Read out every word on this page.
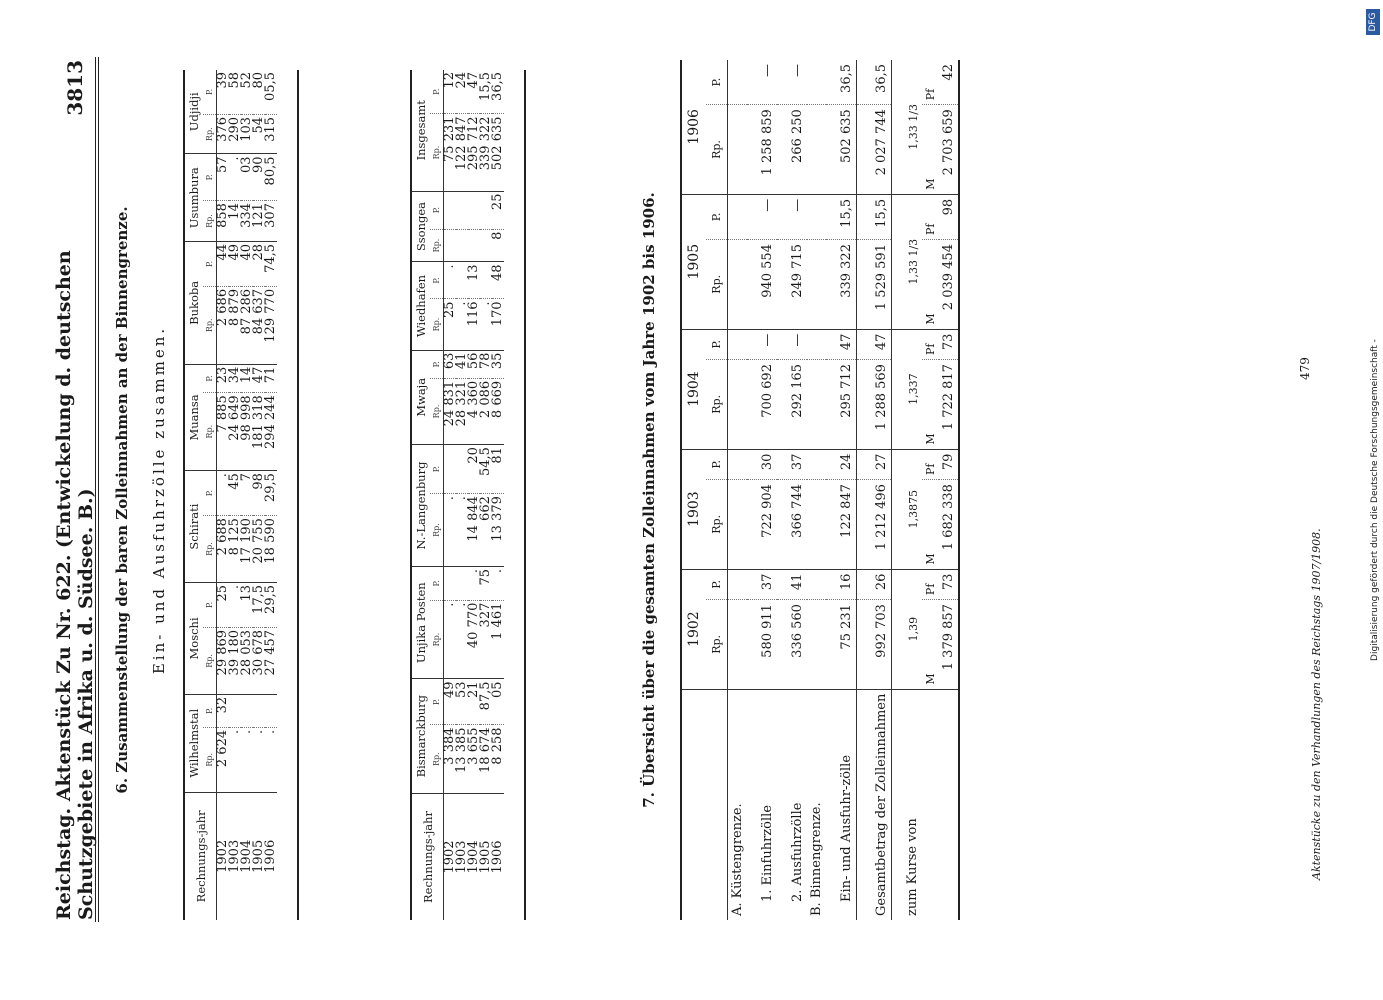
Reichstag. Aktenstück Zu Nr. 622. (Entwickelung d. deutschen Schutzgebiete in Afrika u. d. Südsee. B.)
3813
6. Zusammenstellung der baren Zolleinnahmen an der Binnengrenze. Ein- und Ausfuhrzölle zusammen.
Rechnungs-jahr	Wilhelmstal		Moschi		Schirati		Muansa		Bukoba		Usumbura		Udjidji	
	Rp.	P.	Rp.	P.	Rp.	P.	Rp.	P.	Rp.	P.	Rp.	P.	Rp.	P.
1902	2 624	32	29 869	25	2 688	.	7 885	23	2 686	44	858	57	376	39
1903	.		39 180	.	8 125	45	24 649	34	8 879	49	14	.	290	58
1904	.		28 053	13	17 190	7	98 998	14	87 286	40	334	03	103	52
1905	.		30 678	17,5	20 755	98	181 318	47	84 637	28	121	90	54	80
1906	.		27 457	29,5	18 590	29,5	294 244	71	129 770	74,5	307	80,5	315	05,5

Rechnungs-jahr	Bismarckburg		Unjika Posten		N.-Langenburg		Mwaja		Wiedhafen		Ssongea		Insgesamt	
	Rp.	P.	Rp.	P.	Rp.	P.	Rp.	P.	Rp.	P.	Rp.	P.	Rp.	P.
1902	3 384	49	.		.		24 831	63	25	.			75 231	12
1903	13 385	53	.		.		28 321	41	.				122 847	24
1904	3 655	21	40 770	.	14 844	20	4 360	56	116	13			295 712	47
1905	18 674	87,5	327	75	662	54,5	2 086	78	.				339 322	15,5
1906	8 258	05	1 461	.	13 379	81	8 669	35	170	48	8	25	502 635	36,5

7. Übersicht über die gesamten Zolleinnahmen vom Jahre 1902 bis 1906.
	1902		1903		1904		1905		1906	
	Rp.	P.	Rp.	P.	Rp.	P.	Rp.	P.	Rp.	P.
A. Küstengrenze.										
1. Einfuhrzölle	580 911	37	722 904	30	700 692	—	940 554	—	1 258 859	—
2. Ausfuhrzölle	336 560	41	366 744	37	292 165	—	249 715	—	266 250	—
B. Binnengrenze.										
Ein- und Ausfuhr-zölle	75 231	16	122 847	24	295 712	47	339 322	15,5	502 635	36,5
Gesamtbetrag der Zolleinnahmen	992 703	26	1 212 496	27	1 288 569	47	1 529 591	15,5	2 027 744	36,5
zum Kurse von	1,39		1,3875		1,337		1,33 1/3		1,33 1/3	
	M	Pf	M	Pf	M	Pf	M	Pf	M	Pf
	1 379 857	73	1 682 338	79	1 722 817	73	2 039 454	98	2 703 659	42
479
Aktenstücke zu den Verhandlungen des Reichstags 1907/1908.
Digitalisierung gefördert durch die Deutsche Forschungsgemeinschaft -
DFG
